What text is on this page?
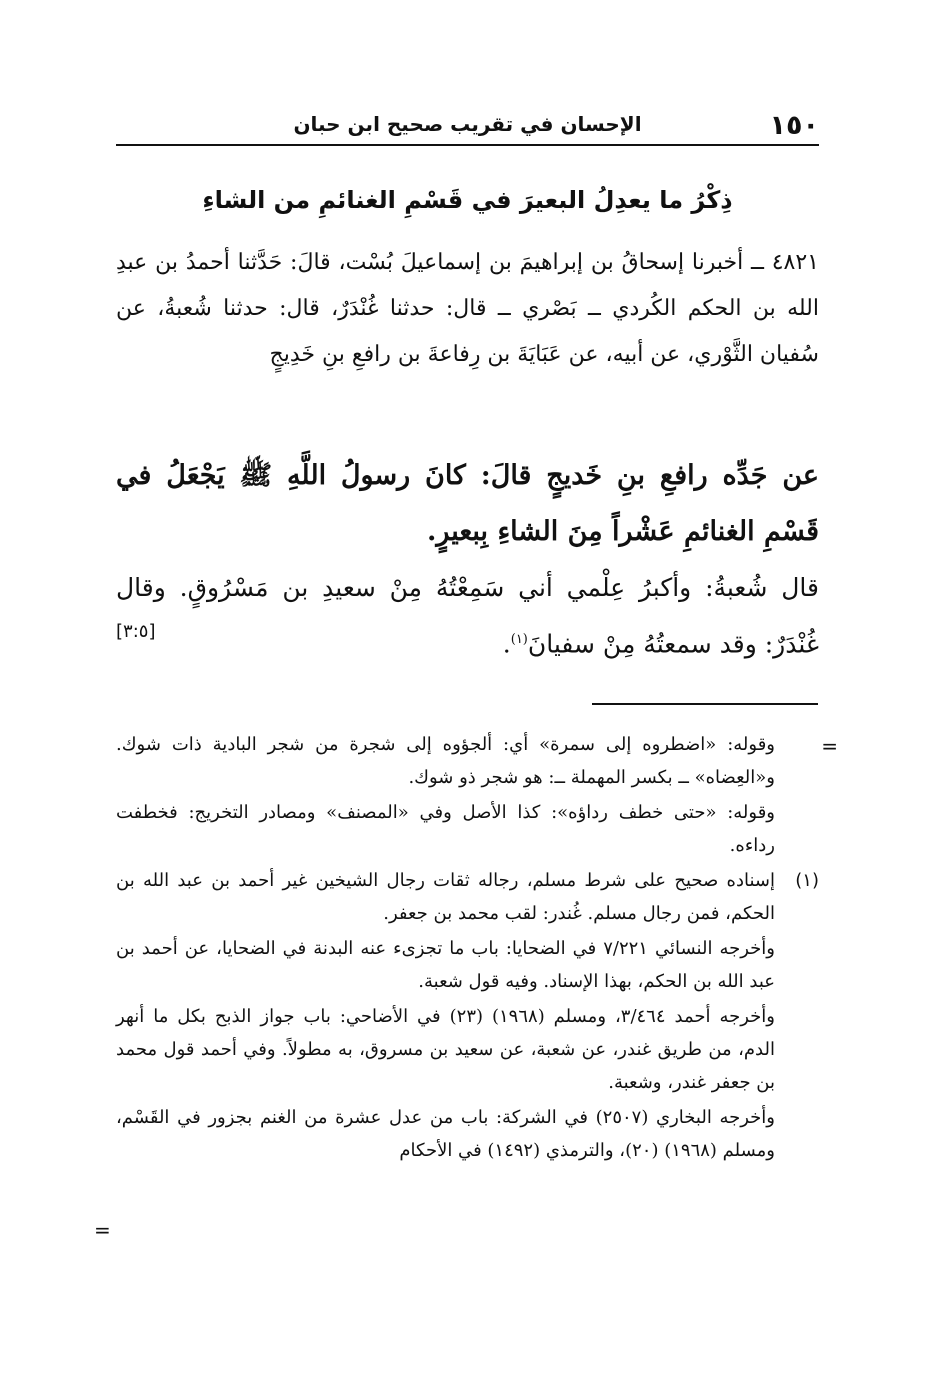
١٥٠
الإحسان في تقريب صحيح ابن حبان
ذِكْرُ ما يعدِلُ البعيرَ في قَسْمِ الغنائمِ من الشاءِ
٤٨٢١ ــ أخبرنا إسحاقُ بن إبراهيمَ بن إسماعيلَ بُسْت، قالَ: حَدَّثنا أحمدُ بن عبدِ الله بن الحكم الكُردي ــ بَصْري ــ قال: حدثنا غُنْدَرٌ، قال: حدثنا شُعبةُ، عن سُفيان الثَّوْري، عن أبيه، عن عَبَايَةَ بن رِفاعةَ بن رافعِ بنِ خَدِيجٍ
عن جَدِّه رافعِ بنِ خَديجٍ قالَ: كانَ رسولُ اللَّهِ ﷺ يَجْعَلُ في قَسْمِ الغنائمِ عَشْراً مِنَ الشاءِ بِبعيرٍ.
قال شُعبةُ: وأكبرُ عِلْمي أني سَمِعْتُهُ مِنْ سعيدِ بن مَسْرُوقٍ. وقال غُنْدَرٌ: وقد سمعتُهُ مِنْ سفيانَ$^{(١)}$.
[٣:٥]
=
وقوله: «اضطروه إلى سمرة» أي: ألجؤوه إلى شجرة من شجر البادية ذات شوك. و«العِضاه» ــ بكسر المهملة ــ: هو شجر ذو شوك.
وقوله: «حتى خطف رداؤه»: كذا الأصل وفي «المصنف» ومصادر التخريج: فخطفت رداءه.
(١)
إسناده صحيح على شرط مسلم، رجاله ثقات رجال الشيخين غير أحمد بن عبد الله بن الحكم، فمن رجال مسلم. غُندر: لقب محمد بن جعفر.
وأخرجه النسائي ٧/٢٢١ في الضحايا: باب ما تجزىء عنه البدنة في الضحايا، عن أحمد بن عبد الله بن الحكم، بهذا الإسناد. وفيه قول شعبة.
وأخرجه أحمد ٣/٤٦٤، ومسلم (١٩٦٨) (٢٣) في الأضاحي: باب جواز الذبح بكل ما أنهر الدم، من طريق غندر، عن شعبة، عن سعيد بن مسروق، به مطولاً. وفي أحمد قول محمد بن جعفر غندر، وشعبة.
وأخرجه البخاري (٢٥٠٧) في الشركة: باب من عدل عشرة من الغنم بجزور في القَسْم، ومسلم (١٩٦٨) (٢٠)، والترمذي (١٤٩٢) في الأحكام
=
